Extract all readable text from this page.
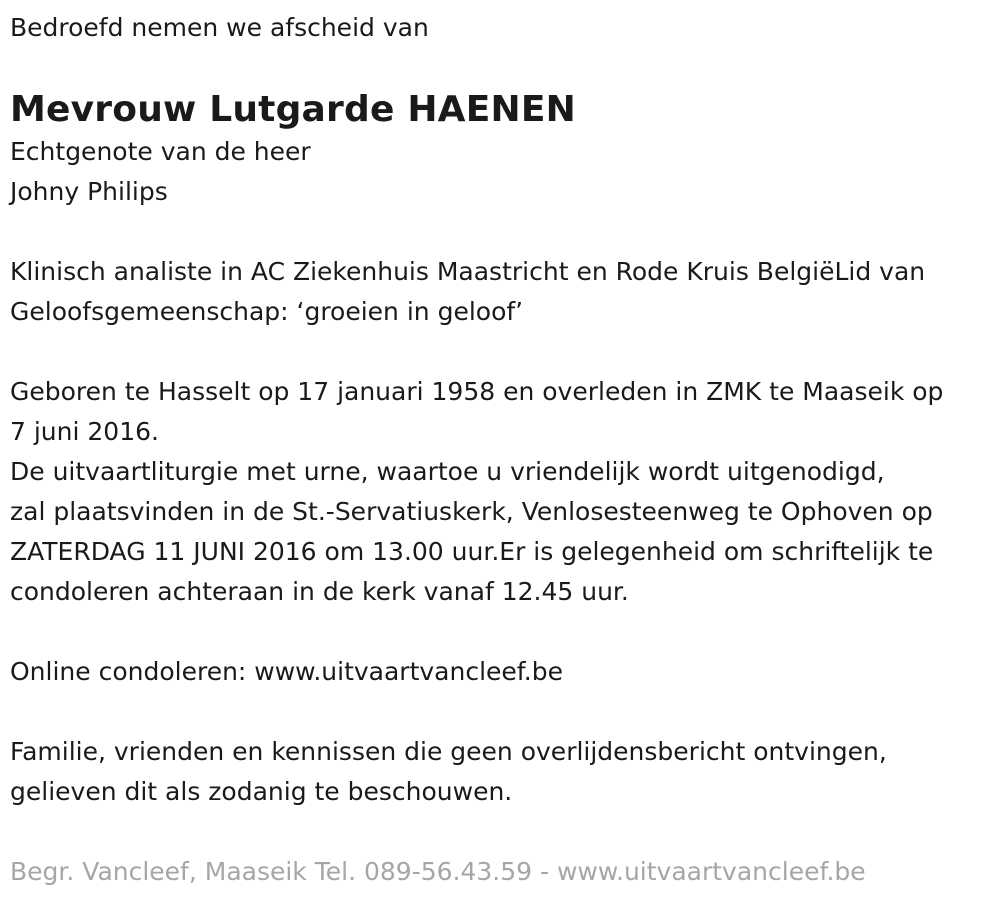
Bedroefd nemen we afscheid van

Mevrouw Lutgarde HAENEN

Echtgenote van de heer

Johny Philips

Klinisch analiste in AC Ziekenhuis Maastricht en Rode Kruis BelgiëLid van

Geloofsgemeenschap: ‘groeien in geloof’

Geboren te Hasselt op 17 januari 1958 en overleden in ZMK te Maaseik op

7 juni 2016.

De uitvaartliturgie met urne, waartoe u vriendelijk wordt uitgenodigd,

zal plaatsvinden in de St.-Servatiuskerk, Venlosesteenweg te Ophoven op

ZATERDAG 11 JUNI 2016 om 13.00 uur.Er is gelegenheid om schriftelijk te

condoleren achteraan in de kerk vanaf 12.45 uur.

Online condoleren: www.uitvaartvancleef.be

Familie, vrienden en kennissen die geen overlijdensbericht ontvingen,

gelieven dit als zodanig te beschouwen.

Begr. Vancleef, Maaseik Tel. 089-56.43.59 - www.uitvaartvancleef.be
